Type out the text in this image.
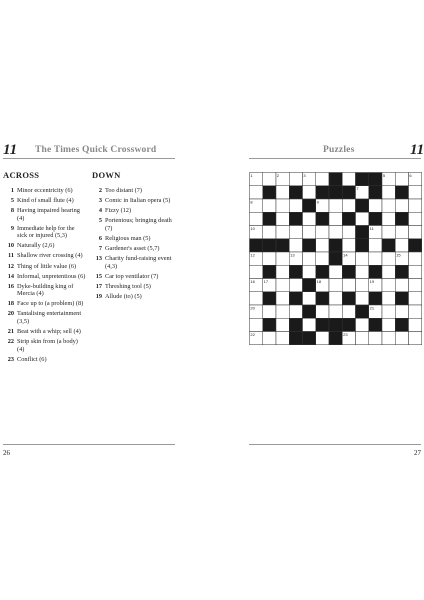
11 The Times Quick Crossword
ACROSS	DOWN
1 Minor eccentricity (6)
5 Kind of small flute (4)
8 Having impaired hearing (4)
9 Immediate help for the sick or injured (5,3)
10 Naturally (2,6)
11 Shallow river crossing (4)
12 Thing of little value (6)
14 Informal, unpretentious (6)
16 Dyke-building king of Mercia (4)
18 Face up to (a problem) (8)
20 Tantalising entertainment (3,5)
21 Beat with a whip; sell (4)
22 Strip skin from (a body) (4)
23 Conflict (6)
2 Too distant (7)
3 Comic in Italian opera (5)
4 Fizzy (12)
5 Portentous; bringing death (7)
6 Religious man (5)
7 Gardener's asset (5,7)
13 Charity fund-raising event (4,3)
15 Car top ventilator (7)
17 Threshing tool (5)
19 Allude (to) (5)
26
Puzzles	11
1	2	3	4	5	6
7
8	9
10	11
12	13	14	15
16 17	18	19
20	21
22	23
27
